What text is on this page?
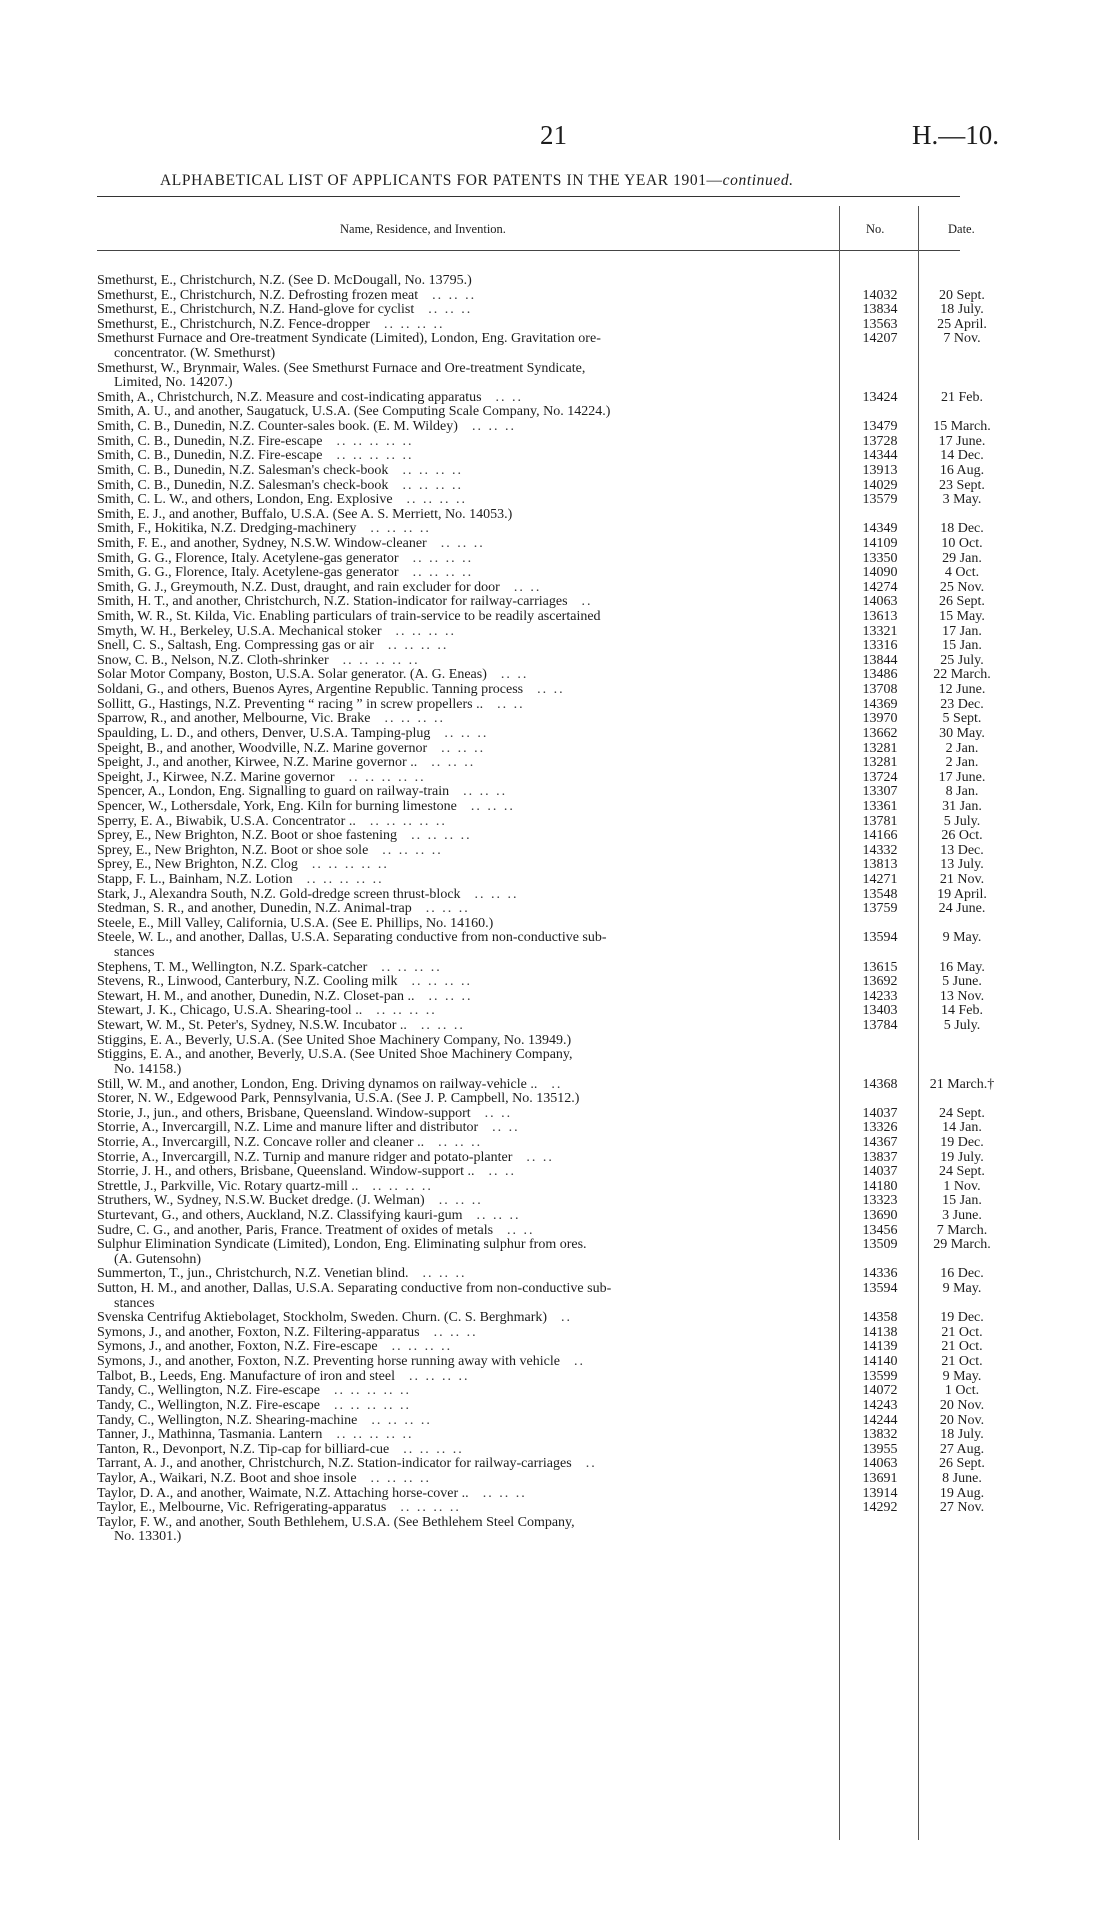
21	H.—10.
ALPHABETICAL LIST OF APPLICANTS FOR PATENTS IN THE YEAR 1901—continued.
Name, Residence, and Invention.	No.	Date.
Smethurst, E., Christchurch, N.Z. (See D. McDougall, No. 13795.)
Smethurst, E., Christchurch, N.Z. Defrosting frozen meat .. .. ..	14032	20 Sept.
Smethurst, E., Christchurch, N.Z. Hand-glove for cyclist .. .. ..	13834	18 July.
Smethurst, E., Christchurch, N.Z. Fence-dropper .. .. .. ..	13563	25 April.
Smethurst Furnace and Ore-treatment Syndicate (Limited), London, Eng. Gravitation ore-	14207	7 Nov.
concentrator. (W. Smethurst)
Smethurst, W., Brynmair, Wales. (See Smethurst Furnace and Ore-treatment Syndicate,
Limited, No. 14207.)
Smith, A., Christchurch, N.Z. Measure and cost-indicating apparatus .. ..	13424	21 Feb.
Smith, A. U., and another, Saugatuck, U.S.A. (See Computing Scale Company, No. 14224.)
Smith, C. B., Dunedin, N.Z. Counter-sales book. (E. M. Wildey) .. .. ..	13479	15 March.
Smith, C. B., Dunedin, N.Z. Fire-escape .. .. .. .. ..	13728	17 June.
Smith, C. B., Dunedin, N.Z. Fire-escape .. .. .. .. ..	14344	14 Dec.
Smith, C. B., Dunedin, N.Z. Salesman's check-book .. .. .. ..	13913	16 Aug.
Smith, C. B., Dunedin, N.Z. Salesman's check-book .. .. .. ..	14029	23 Sept.
Smith, C. L. W., and others, London, Eng. Explosive .. .. .. ..	13579	3 May.
Smith, E. J., and another, Buffalo, U.S.A. (See A. S. Merriett, No. 14053.)
Smith, F., Hokitika, N.Z. Dredging-machinery .. .. .. ..	14349	18 Dec.
Smith, F. E., and another, Sydney, N.S.W. Window-cleaner .. .. ..	14109	10 Oct.
Smith, G. G., Florence, Italy. Acetylene-gas generator .. .. .. ..	13350	29 Jan.
Smith, G. G., Florence, Italy. Acetylene-gas generator .. .. .. ..	14090	4 Oct.
Smith, G. J., Greymouth, N.Z. Dust, draught, and rain excluder for door .. ..	14274	25 Nov.
Smith, H. T., and another, Christchurch, N.Z. Station-indicator for railway-carriages ..	14063	26 Sept.
Smith, W. R., St. Kilda, Vic. Enabling particulars of train-service to be readily ascertained	13613	15 May.
Smyth, W. H., Berkeley, U.S.A. Mechanical stoker .. .. .. ..	13321	17 Jan.
Snell, C. S., Saltash, Eng. Compressing gas or air .. .. .. ..	13316	15 Jan.
Snow, C. B., Nelson, N.Z. Cloth-shrinker .. .. .. .. ..	13844	25 July.
Solar Motor Company, Boston, U.S.A. Solar generator. (A. G. Eneas) .. ..	13486	22 March.
Soldani, G., and others, Buenos Ayres, Argentine Republic. Tanning process .. ..	13708	12 June.
Sollitt, G., Hastings, N.Z. Preventing “ racing ” in screw propellers .. .. ..	14369	23 Dec.
Sparrow, R., and another, Melbourne, Vic. Brake .. .. .. ..	13970	5 Sept.
Spaulding, L. D., and others, Denver, U.S.A. Tamping-plug .. .. ..	13662	30 May.
Speight, B., and another, Woodville, N.Z. Marine governor .. .. ..	13281	2 Jan.
Speight, J., and another, Kirwee, N.Z. Marine governor .. .. .. ..	13281	2 Jan.
Speight, J., Kirwee, N.Z. Marine governor .. .. .. .. ..	13724	17 June.
Spencer, A., London, Eng. Signalling to guard on railway-train .. .. ..	13307	8 Jan.
Spencer, W., Lothersdale, York, Eng. Kiln for burning limestone .. .. ..	13361	31 Jan.
Sperry, E. A., Biwabik, U.S.A. Concentrator .. .. .. .. .. ..	13781	5 July.
Sprey, E., New Brighton, N.Z. Boot or shoe fastening .. .. .. ..	14166	26 Oct.
Sprey, E., New Brighton, N.Z. Boot or shoe sole .. .. .. ..	14332	13 Dec.
Sprey, E., New Brighton, N.Z. Clog .. .. .. .. ..	13813	13 July.
Stapp, F. L., Bainham, N.Z. Lotion .. .. .. .. ..	14271	21 Nov.
Stark, J., Alexandra South, N.Z. Gold-dredge screen thrust-block .. .. ..	13548	19 April.
Stedman, S. R., and another, Dunedin, N.Z. Animal-trap .. .. ..	13759	24 June.
Steele, E., Mill Valley, California, U.S.A. (See E. Phillips, No. 14160.)
Steele, W. L., and another, Dallas, U.S.A. Separating conductive from non-conductive sub-	13594	9 May.
stances
Stephens, T. M., Wellington, N.Z. Spark-catcher .. .. .. ..	13615	16 May.
Stevens, R., Linwood, Canterbury, N.Z. Cooling milk .. .. .. ..	13692	5 June.
Stewart, H. M., and another, Dunedin, N.Z. Closet-pan .. .. .. ..	14233	13 Nov.
Stewart, J. K., Chicago, U.S.A. Shearing-tool .. .. .. .. ..	13403	14 Feb.
Stewart, W. M., St. Peter's, Sydney, N.S.W. Incubator .. .. .. ..	13784	5 July.
Stiggins, E. A., Beverly, U.S.A. (See United Shoe Machinery Company, No. 13949.)
Stiggins, E. A., and another, Beverly, U.S.A. (See United Shoe Machinery Company,
No. 14158.)
Still, W. M., and another, London, Eng. Driving dynamos on railway-vehicle .. ..	14368	21 March.†
Storer, N. W., Edgewood Park, Pennsylvania, U.S.A. (See J. P. Campbell, No. 13512.)
Storie, J., jun., and others, Brisbane, Queensland. Window-support .. ..	14037	24 Sept.
Storrie, A., Invercargill, N.Z. Lime and manure lifter and distributor .. ..	13326	14 Jan.
Storrie, A., Invercargill, N.Z. Concave roller and cleaner .. .. .. ..	14367	19 Dec.
Storrie, A., Invercargill, N.Z. Turnip and manure ridger and potato-planter .. ..	13837	19 July.
Storrie, J. H., and others, Brisbane, Queensland. Window-support .. .. ..	14037	24 Sept.
Strettle, J., Parkville, Vic. Rotary quartz-mill .. .. .. .. ..	14180	1 Nov.
Struthers, W., Sydney, N.S.W. Bucket dredge. (J. Welman) .. .. ..	13323	15 Jan.
Sturtevant, G., and others, Auckland, N.Z. Classifying kauri-gum .. .. ..	13690	3 June.
Sudre, C. G., and another, Paris, France. Treatment of oxides of metals .. ..	13456	7 March.
Sulphur Elimination Syndicate (Limited), London, Eng. Eliminating sulphur from ores.	13509	29 March.
(A. Gutensohn)
Summerton, T., jun., Christchurch, N.Z. Venetian blind. .. .. ..	14336	16 Dec.
Sutton, H. M., and another, Dallas, U.S.A. Separating conductive from non-conductive sub-	13594	9 May.
stances
Svenska Centrifug Aktiebolaget, Stockholm, Sweden. Churn. (C. S. Berghmark) ..	14358	19 Dec.
Symons, J., and another, Foxton, N.Z. Filtering-apparatus .. .. ..	14138	21 Oct.
Symons, J., and another, Foxton, N.Z. Fire-escape .. .. .. ..	14139	21 Oct.
Symons, J., and another, Foxton, N.Z. Preventing horse running away with vehicle ..	14140	21 Oct.
Talbot, B., Leeds, Eng. Manufacture of iron and steel .. .. .. ..	13599	9 May.
Tandy, C., Wellington, N.Z. Fire-escape .. .. .. .. ..	14072	1 Oct.
Tandy, C., Wellington, N.Z. Fire-escape .. .. .. .. ..	14243	20 Nov.
Tandy, C., Wellington, N.Z. Shearing-machine .. .. .. ..	14244	20 Nov.
Tanner, J., Mathinna, Tasmania. Lantern .. .. .. .. ..	13832	18 July.
Tanton, R., Devonport, N.Z. Tip-cap for billiard-cue .. .. .. ..	13955	27 Aug.
Tarrant, A. J., and another, Christchurch, N.Z. Station-indicator for railway-carriages ..	14063	26 Sept.
Taylor, A., Waikari, N.Z. Boot and shoe insole .. .. .. ..	13691	8 June.
Taylor, D. A., and another, Waimate, N.Z. Attaching horse-cover .. .. .. ..	13914	19 Aug.
Taylor, E., Melbourne, Vic. Refrigerating-apparatus .. .. .. ..	14292	27 Nov.
Taylor, F. W., and another, South Bethlehem, U.S.A. (See Bethlehem Steel Company,
No. 13301.)
